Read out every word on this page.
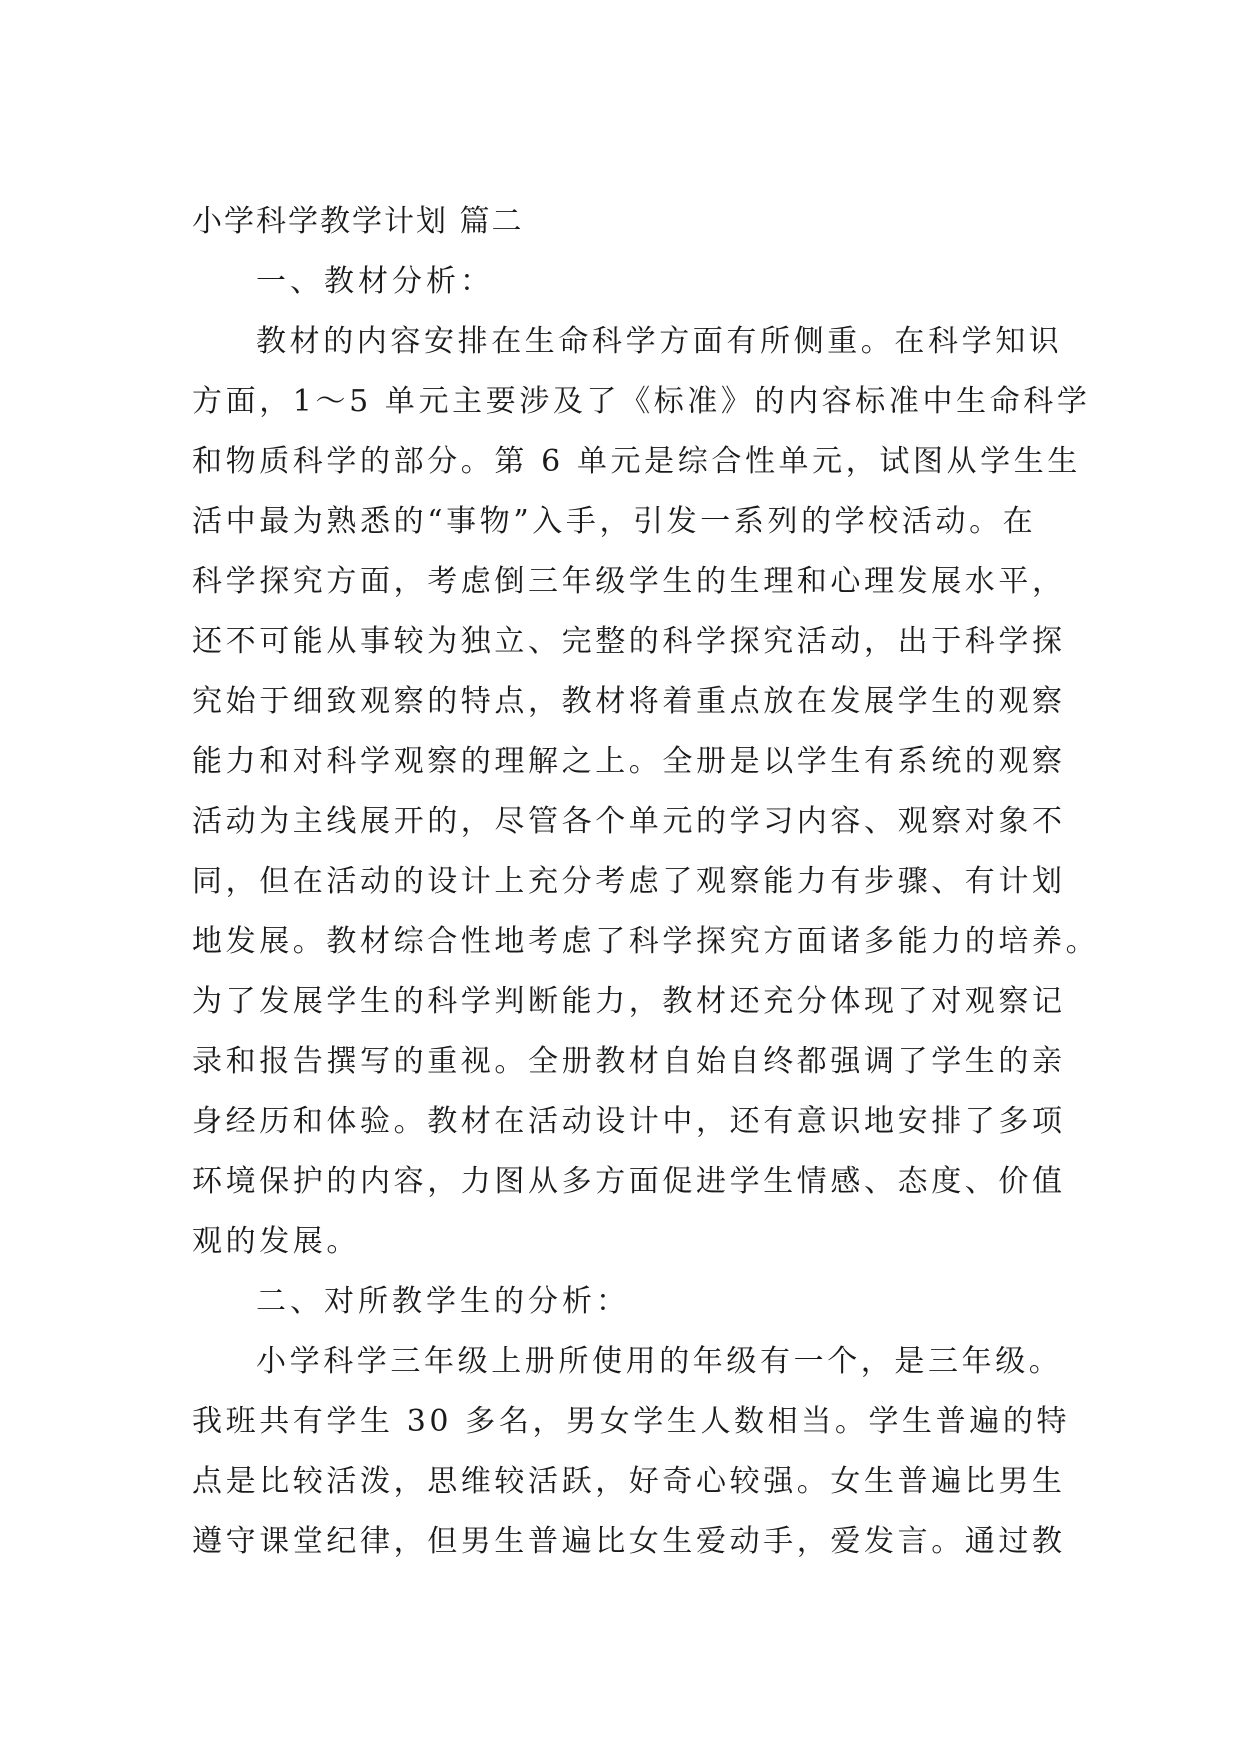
小学科学教学计划 篇二
一、教材分析：

教材的内容安排在生命科学方面有所侧重。在科学知识
方面，1～5 单元主要涉及了《标准》的内容标准中生命科学
和物质科学的部分。第 6 单元是综合性单元，试图从学生生
活中最为熟悉的“事物”入手，引发一系列的学校活动。在
科学探究方面，考虑倒三年级学生的生理和心理发展水平，
还不可能从事较为独立、完整的科学探究活动，出于科学探
究始于细致观察的特点，教材将着重点放在发展学生的观察
能力和对科学观察的理解之上。全册是以学生有系统的观察
活动为主线展开的，尽管各个单元的学习内容、观察对象不
同，但在活动的设计上充分考虑了观察能力有步骤、有计划
地发展。教材综合性地考虑了科学探究方面诸多能力的培养。
为了发展学生的科学判断能力，教材还充分体现了对观察记
录和报告撰写的重视。全册教材自始自终都强调了学生的亲
身经历和体验。教材在活动设计中，还有意识地安排了多项
环境保护的内容，力图从多方面促进学生情感、态度、价值
观的发展。

二、对所教学生的分析：

小学科学三年级上册所使用的年级有一个，是三年级。
我班共有学生 30 多名，男女学生人数相当。学生普遍的特
点是比较活泼，思维较活跃，好奇心较强。女生普遍比男生
遵守课堂纪律，但男生普遍比女生爱动手，爱发言。通过教
